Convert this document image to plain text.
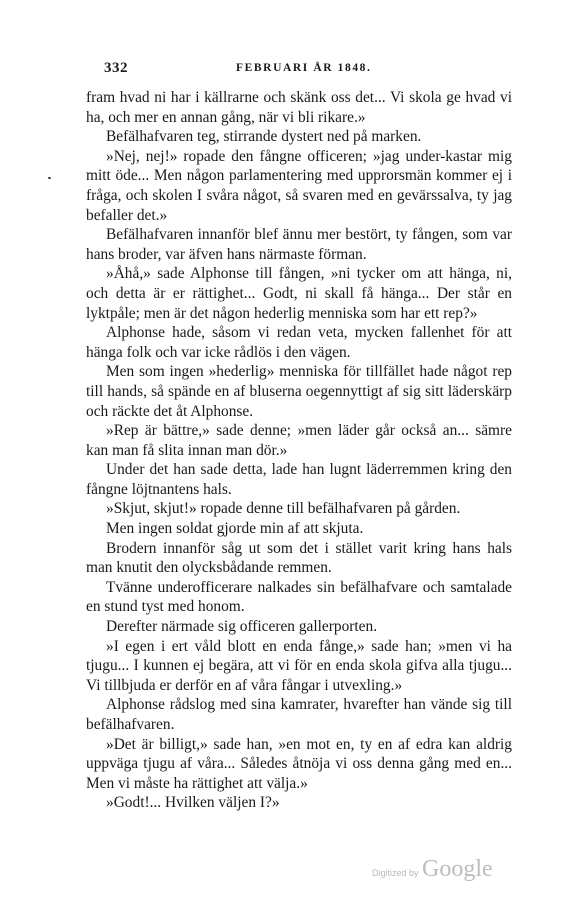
332	FEBRUARI ÅR 1848.

fram hvad ni har i källrarne och skänk oss det... Vi skola ge hvad vi ha, och mer en annan gång, när vi bli rikare.»

Befälhafvaren teg, stirrande dystert ned på marken.

»Nej, nej!» ropade den fångne officeren; »jag under-kastar mig mitt öde... Men någon parlamentering med upprorsmän kommer ej i fråga, och skolen I svåra något, så svaren med en gevärssalva, ty jag befaller det.»

Befälhafvaren innanför blef ännu mer bestört, ty fången, som var hans broder, var äfven hans närmaste förman.

»Åhå,» sade Alphonse till fången, »ni tycker om att hänga, ni, och detta är er rättighet... Godt, ni skall få hänga... Der står en lyktpåle; men är det någon hederlig menniska som har ett rep?»

Alphonse hade, såsom vi redan veta, mycken fallenhet för att hänga folk och var icke rådlös i den vägen.

Men som ingen »hederlig» menniska för tillfället hade något rep till hands, så spände en af bluserna oegennyttigt af sig sitt läderskärp och räckte det åt Alphonse.

»Rep är bättre,» sade denne; »men läder går också an... sämre kan man få slita innan man dör.»

Under det han sade detta, lade han lugnt läderremmen kring den fångne löjtnantens hals.

»Skjut, skjut!» ropade denne till befälhafvaren på gården.

Men ingen soldat gjorde min af att skjuta.

Brodern innanför såg ut som det i stället varit kring hans hals man knutit den olycksbådande remmen.

Tvänne underofficerare nalkades sin befälhafvare och samtalade en stund tyst med honom.

Derefter närmade sig officeren gallerporten.

»I egen i ert våld blott en enda fånge,» sade han; »men vi ha tjugu... I kunnen ej begära, att vi för en enda skola gifva alla tjugu... Vi tillbjuda er derför en af våra fångar i utvexling.»

Alphonse rådslog med sina kamrater, hvarefter han vände sig till befälhafvaren.

»Det är billigt,» sade han, »en mot en, ty en af edra kan aldrig uppväga tjugu af våra... Således åtnöja vi oss denna gång med en... Men vi måste ha rättighet att välja.»

»Godt!... Hvilken väljen I?»

Digitized by Google
